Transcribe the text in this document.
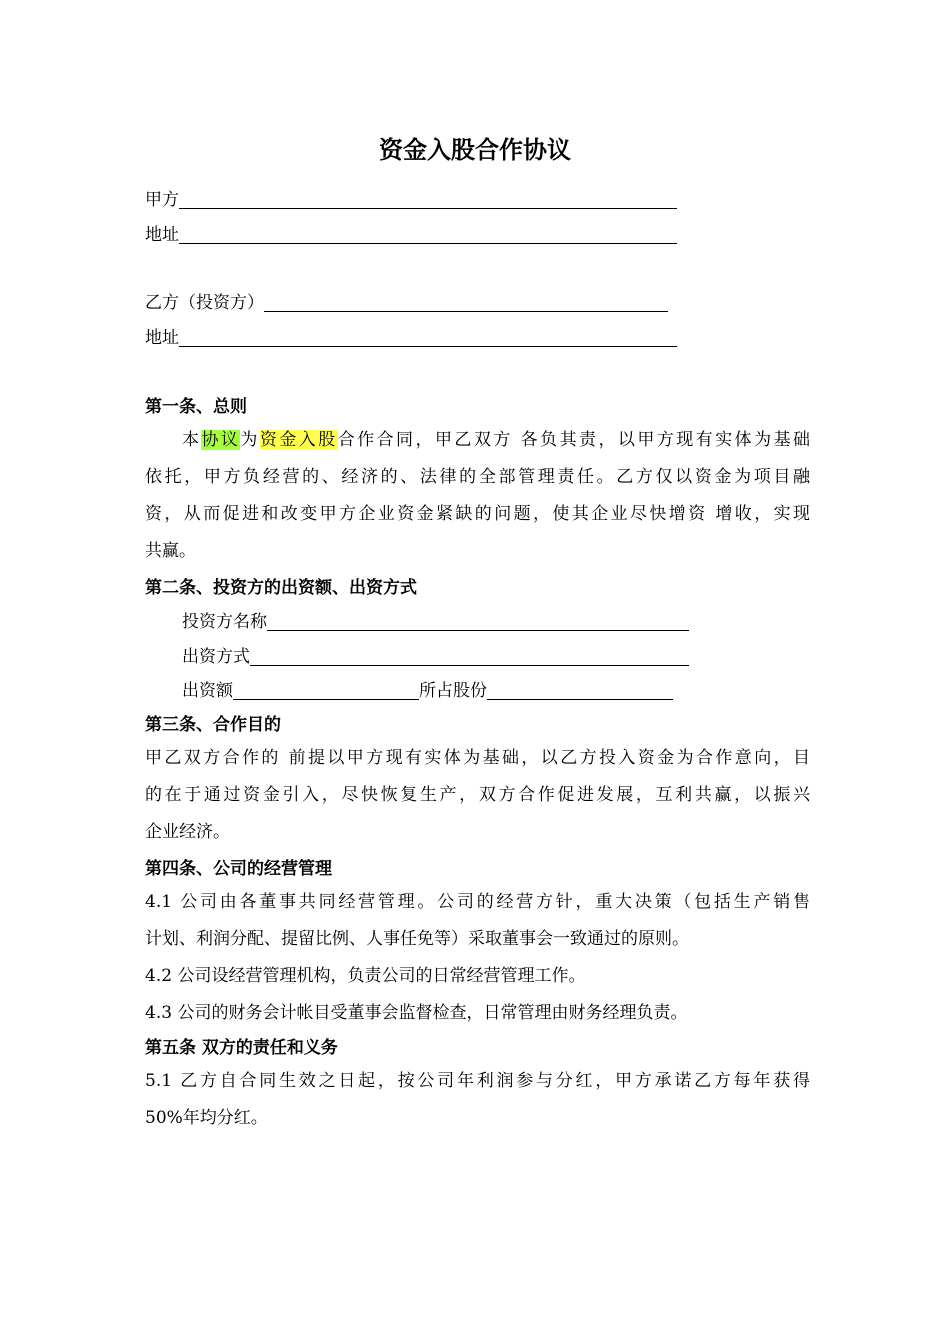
资金入股合作协议
甲方
地址
乙方（投资方）
地址
第一条、总则
本协议为资金入股合作合同，甲乙双方 各负其责，以甲方现有实体为基础
依托，甲方负经营的、经济的、法律的全部管理责任。乙方仅以资金为项目融
资，从而促进和改变甲方企业资金紧缺的问题，使其企业尽快增资 增收，实现
共赢。
第二条、投资方的出资额、出资方式
投资方名称
出资方式
出资额	所占股份
第三条、合作目的
甲乙双方合作的 前提以甲方现有实体为基础，以乙方投入资金为合作意向，目
的在于通过资金引入，尽快恢复生产，双方合作促进发展，互利共赢，以振兴
企业经济。
第四条、公司的经营管理
4.1 公司由各董事共同经营管理。公司的经营方针，重大决策（包括生产销售
计划、利润分配、提留比例、人事任免等）采取董事会一致通过的原则。
4.2 公司设经营管理机构，负责公司的日常经营管理工作。
4.3 公司的财务会计帐目受董事会监督检查，日常管理由财务经理负责。
第五条 双方的责任和义务
5.1 乙方自合同生效之日起，按公司年利润参与分红，甲方承诺乙方每年获得
50%年均分红。
